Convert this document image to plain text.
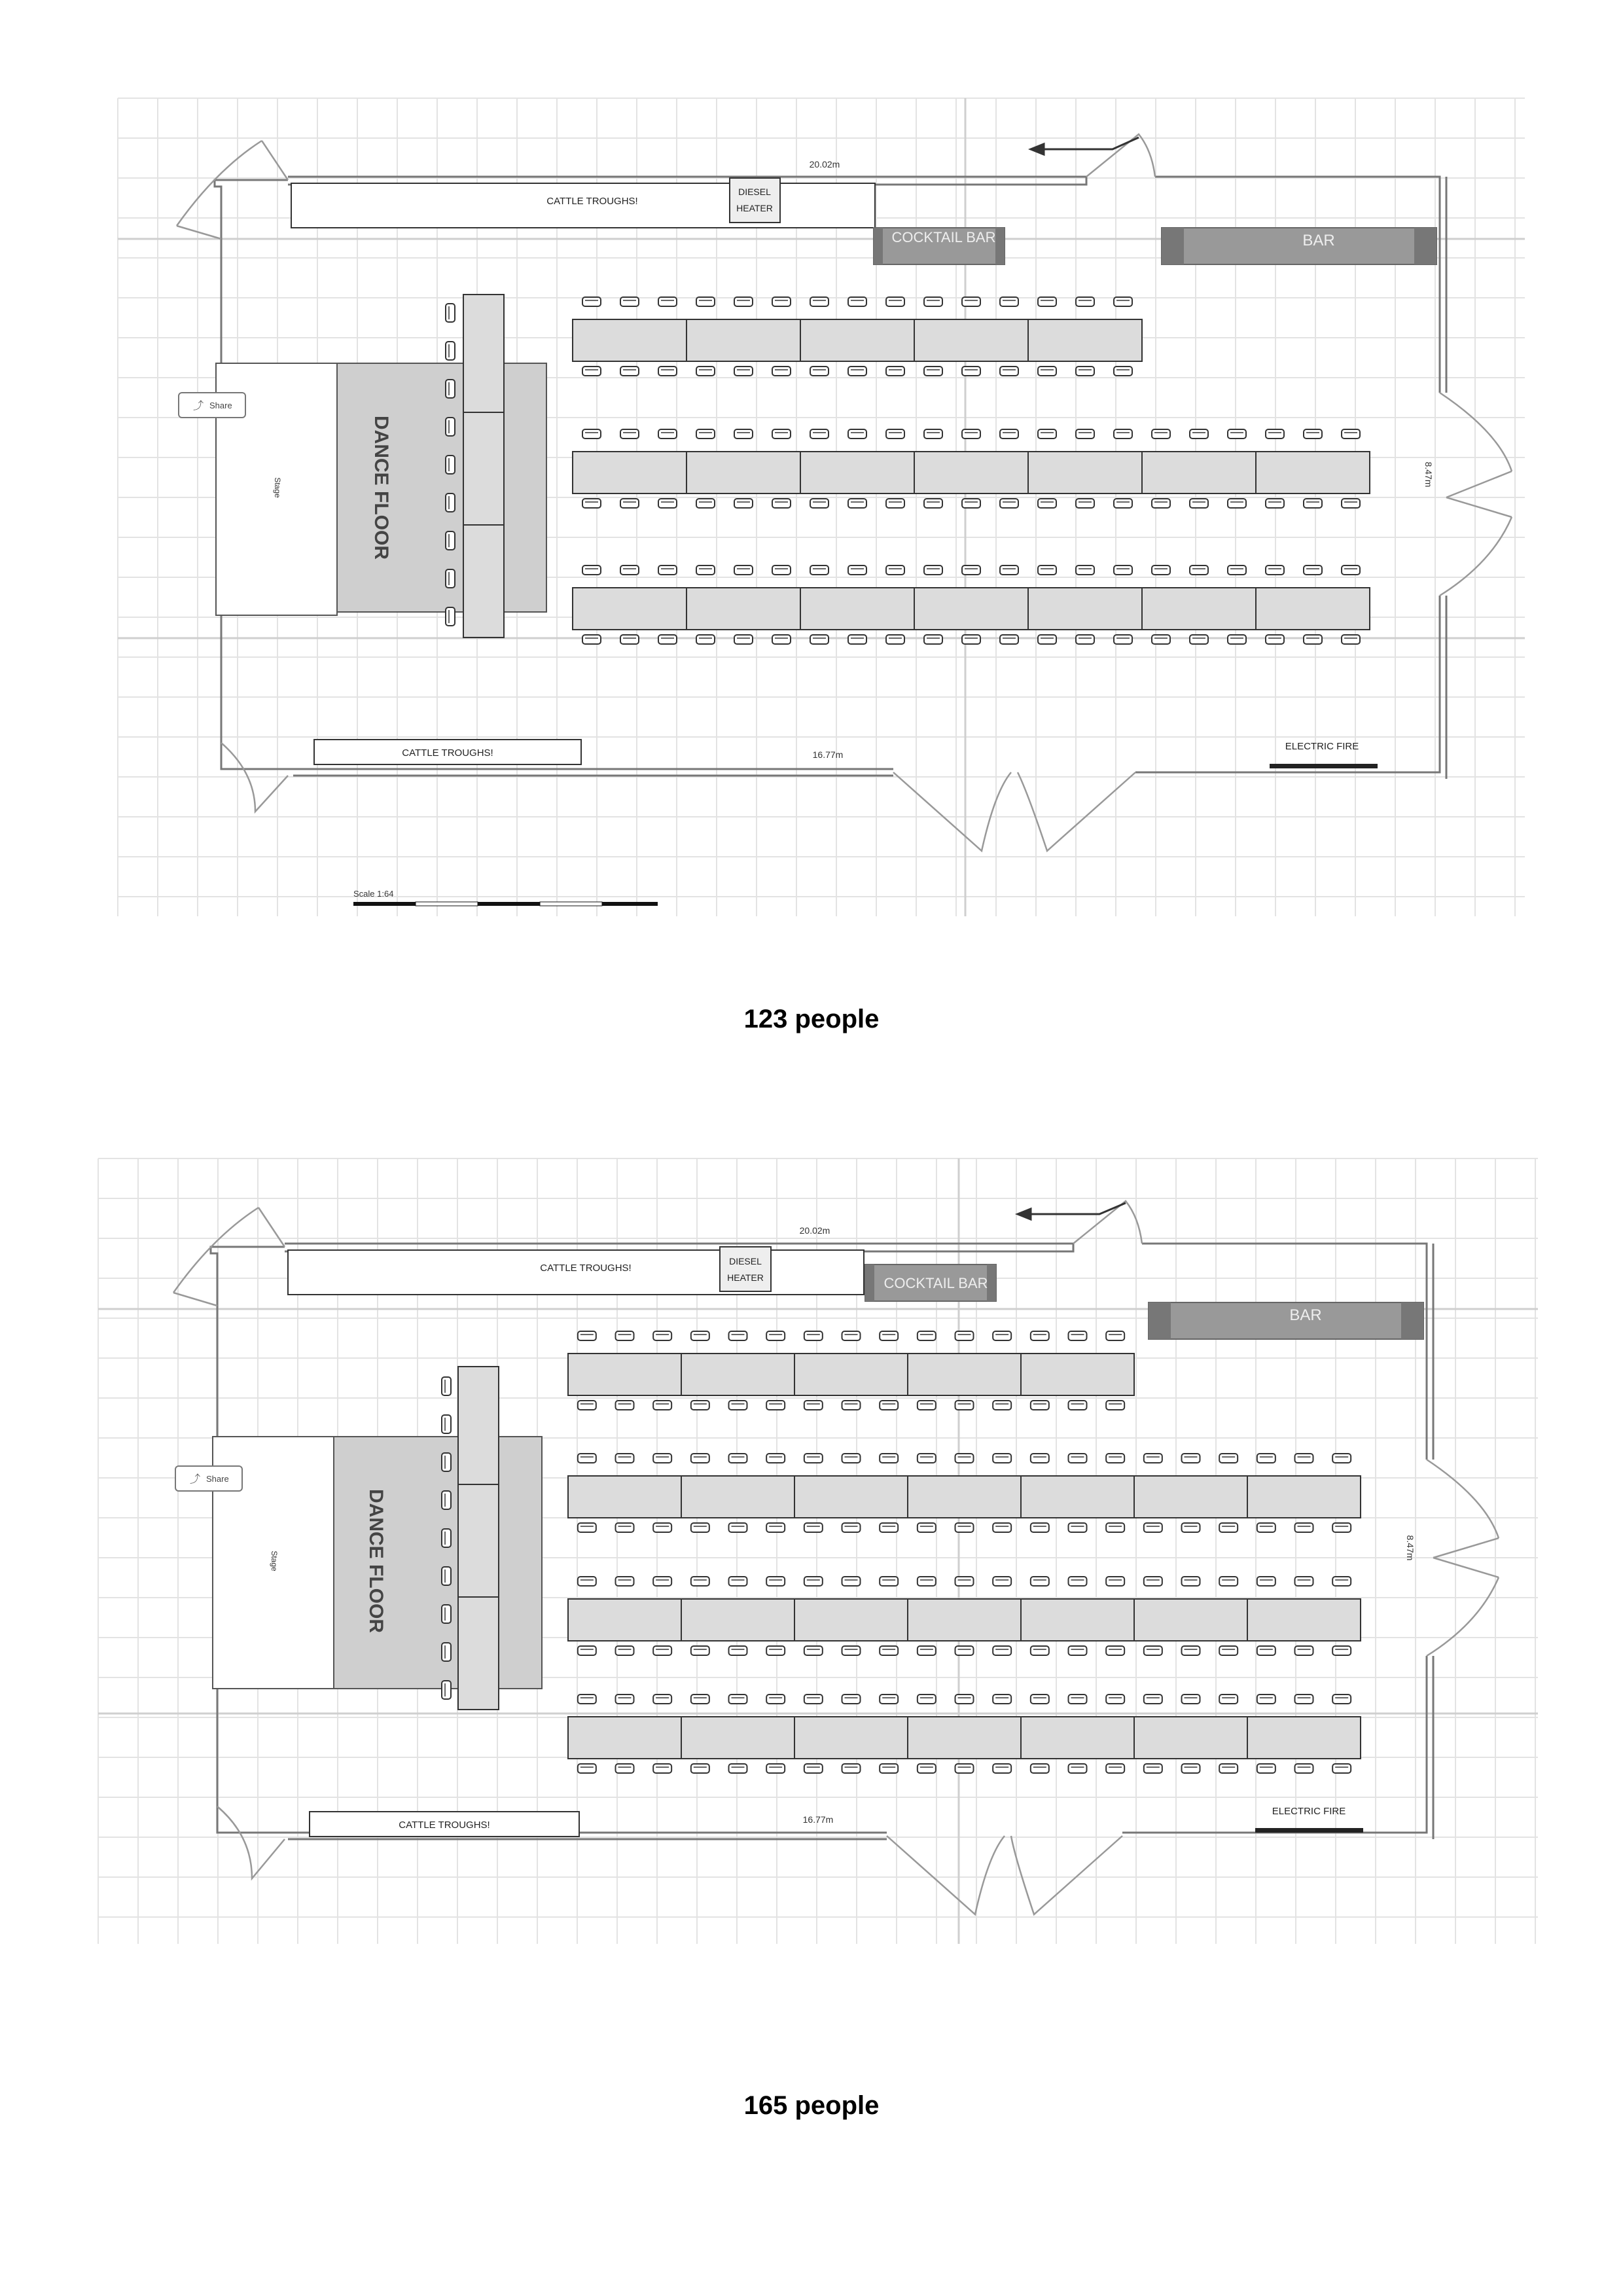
20.02m
16.77m
8.47m
CATTLE TROUGHS!
DIESEL
HEATER
COCKTAIL BAR	BAR
Stage
⤴ Share
DANCE FLOOR
CATTLE TROUGHS!
ELECTRIC FIRE
Scale 1:64
123 people
20.02m
16.77m
8.47m
CATTLE TROUGHS!
DIESEL
HEATER	COCKTAIL BAR
BAR
Stage
⤴ Share
DANCE FLOOR
CATTLE TROUGHS!
ELECTRIC FIRE
165 people
